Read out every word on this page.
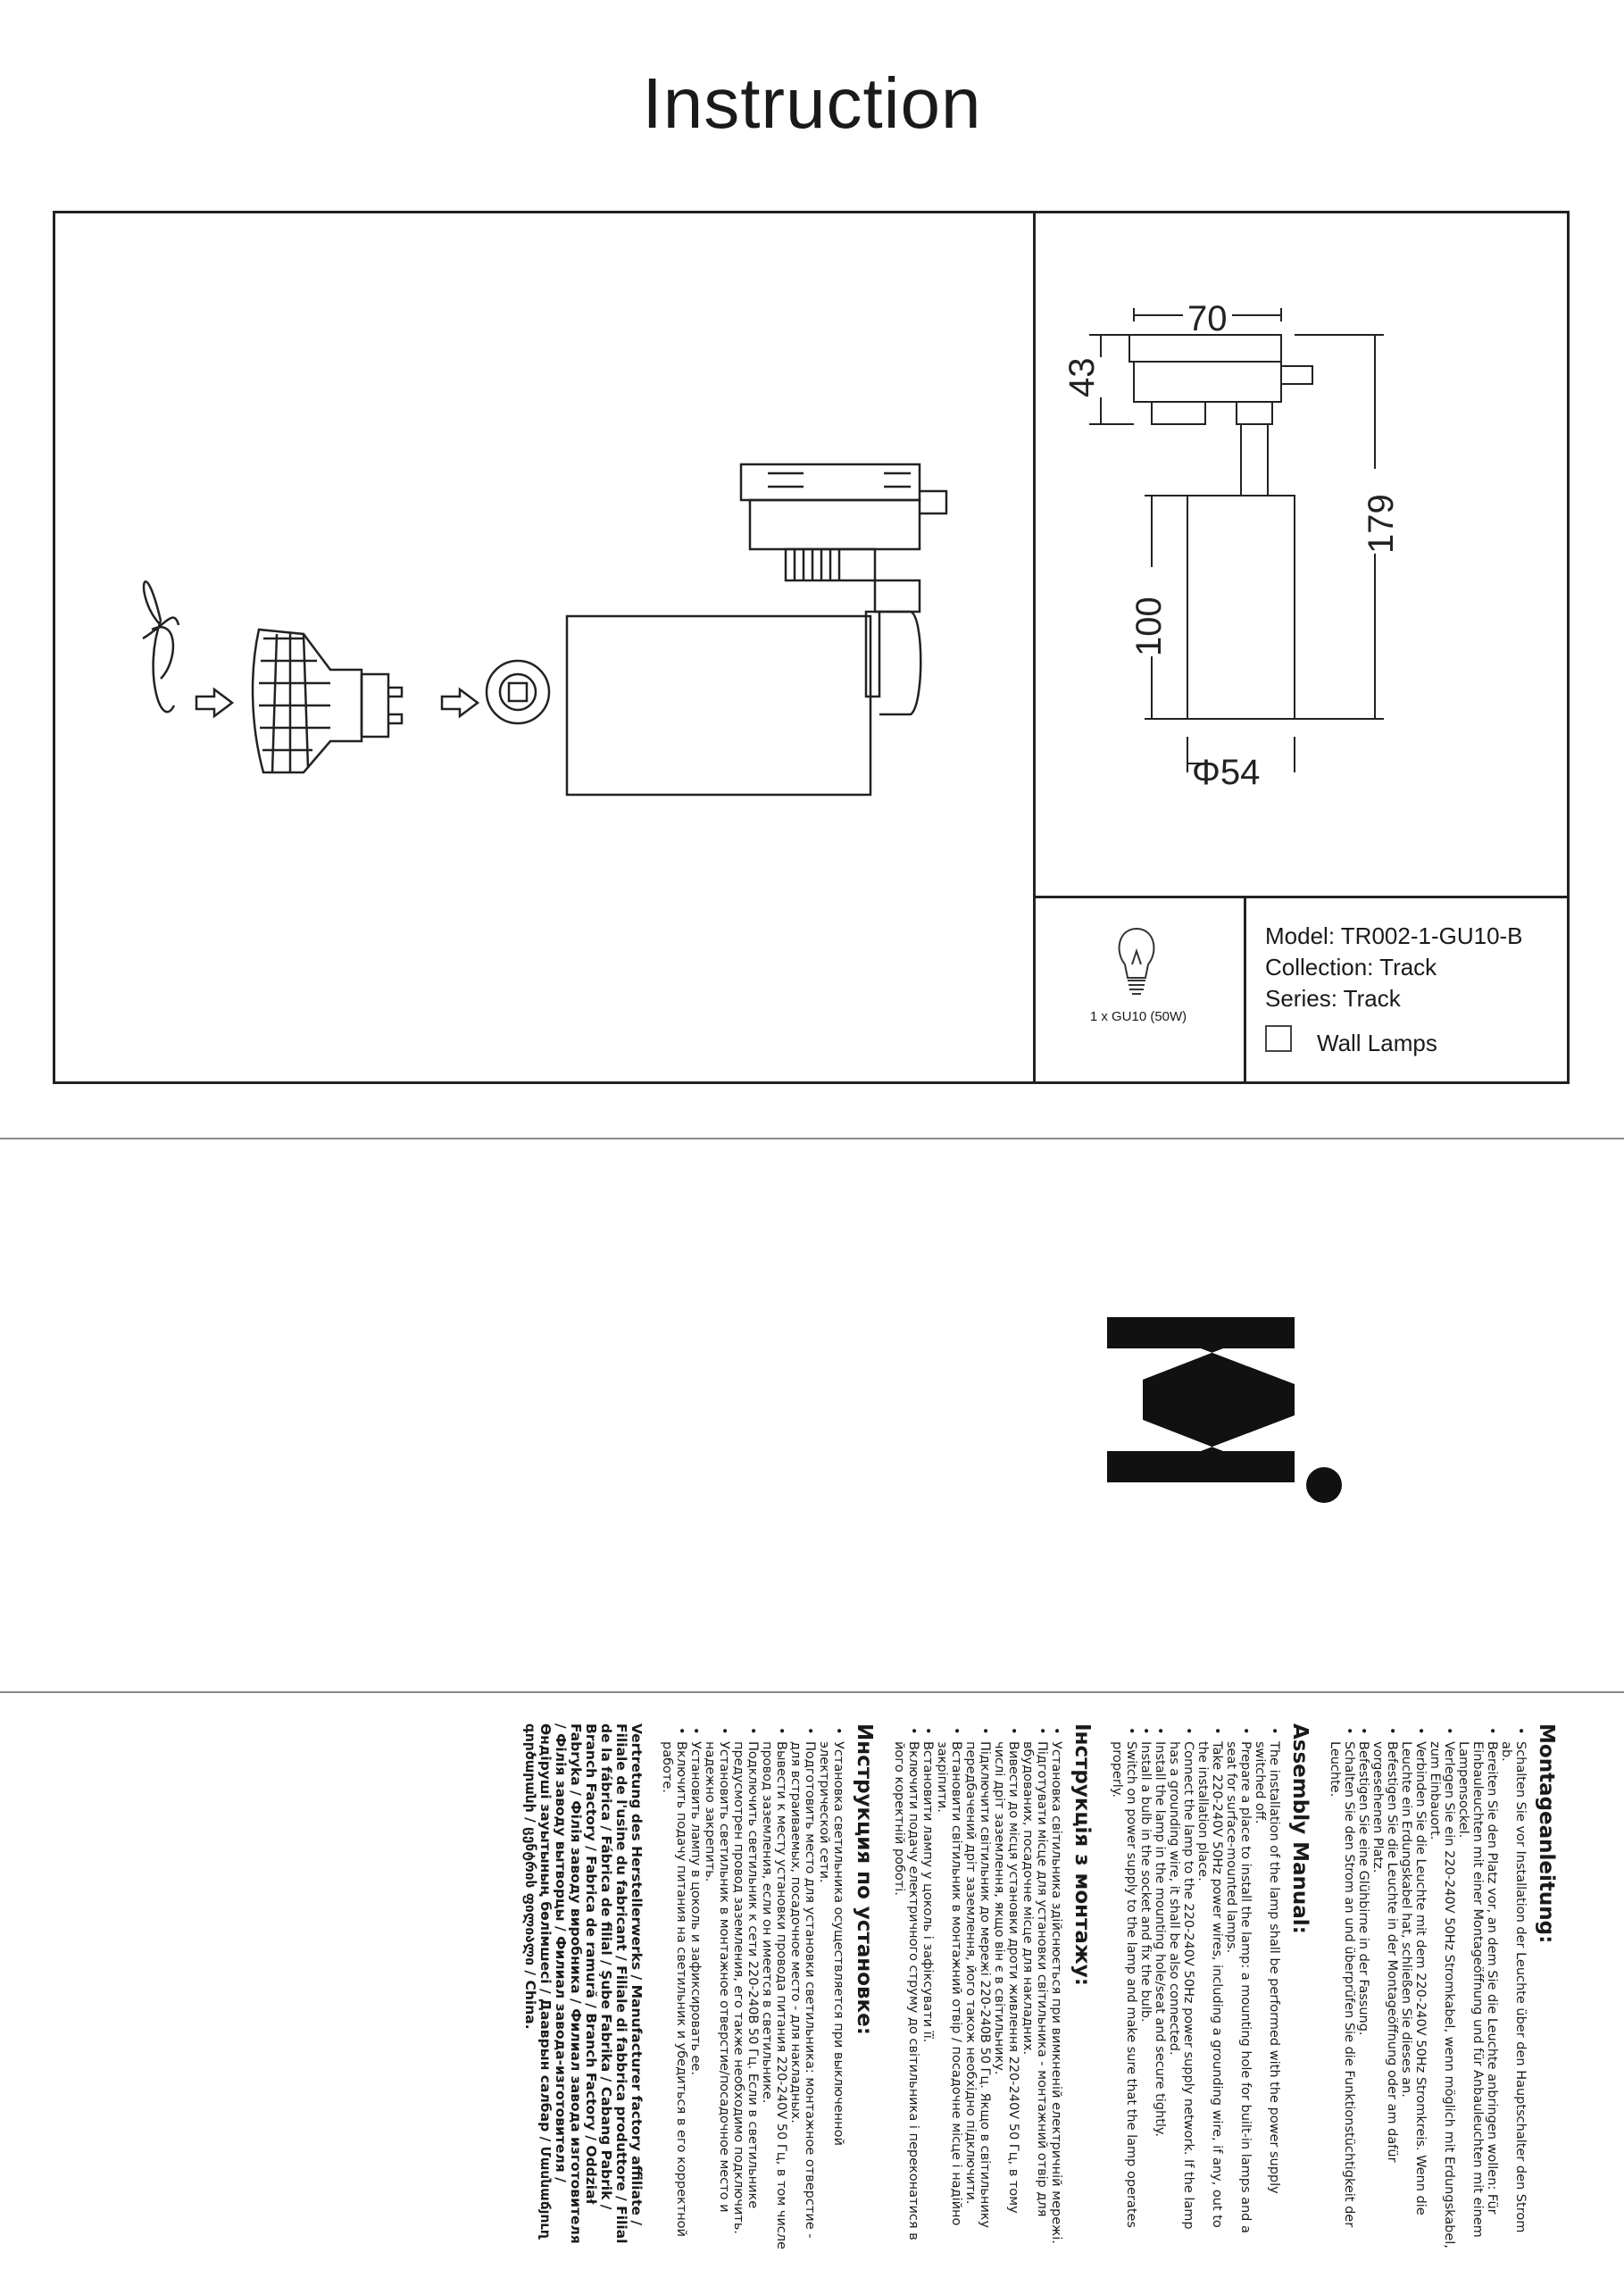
Instruction
70
43
100
179
Φ54
1 x GU10 (50W)
Model: TR002-1-GU10-B
Collection: Track
Series: Track
Wall Lamps
Montageanleitung:
• Schalten Sie vor Installation der Leuchte über den Hauptschalter den Strom ab.
• Bereiten Sie den Platz vor, an dem Sie die Leuchte anbringen wollen: Für Einbauleuchten mit einer Montageöffnung und für Anbauleuchten mit einem Lampensockel.
• Verlegen Sie ein 220-240V 50Hz Stromkabel, wenn möglich mit Erdungskabel, zum Einbauort.
• Verbinden Sie die Leuchte mit dem 220-240V 50Hz Stromkreis. Wenn die Leuchte ein Erdungskabel hat, schließen Sie dieses an.
• Befestigen Sie die Leuchte in der Montageöffnung oder am dafür vorgesehenen Platz.
• Befestigen Sie eine Glühbirne in der Fassung.
• Schalten Sie den Strom an und überprüfen Sie die Funktionstüchtigkeit der Leuchte.
Assembly Manual:
• The installation of the lamp shall be performed with the power supply switched off.
• Prepare a place to install the lamp: a mounting hole for built-in lamps and a seat for surface-mounted lamps.
• Take 220-240V 50Hz power wires, including a grounding wire, if any, out to the installation place.
• Connect the lamp to the 220-240V 50Hz power supply network. If the lamp has a grounding wire, it shall be also connected.
• Install the lamp in the mounting hole/seat and secure tightly.
• Install a bulb in the socket and fix the bulb.
• Switch on power supply to the lamp and make sure that the lamp operates properly.
Інструкція з монтажу:
• Установка світильника здійснюється при вимкненій електричній мережі.
• Підготувати місце для установки світильника - монтажний отвір для вбудованих, посадочне місце для накладних.
• Вивести до місця установки дроти живлення 220-240V 50 Гц, в тому числі дріт заземлення, якщо він є в світильнику.
• Підключити світильник до мережі 220-240В 50 Гц. Якщо в світильнику передбачений дріт заземлення, його також необхідно підключити.
• Встановити світильник в монтажний отвір / посадочне місце і надійно закріпити.
• Встановити лампу у цоколь і зафіксувати її.
• Включити подачу електричного струму до світильника і переконатися в його коректній роботі.
Инструкция по установке:
• Установка светильника осуществляется при выключенной электрической сети.
• Подготовить место для установки светильника: монтажное отверстие - для встраиваемых, посадочное место - для накладных.
• Вывести к месту установки провода питания 220-240V 50 Гц, в том числе провод заземления, если он имеется в светильнике.
• Подключить светильник к сети 220-240В 50 Гц. Если в светильнике предусмотрен провод заземления, его также необходимо подключить.
• Установить светильник в монтажное отверстие/посадочное место и надежно закрепить.
• Установить лампу в цоколь и зафиксировать ее.
• Включить подачу питания на светильник и убедиться в его корректной работе.
Vertretung des Herstellerwerks / Manufacturer factory affiliate / Filiale de l'usine du fabricant / Filiale di fabbrica produttore / Filial de la fábrica / Fábrica de filial / Şube Fabrika / Cabang Pabrik / Branch Factory / Fabrica de ramură / Branch Factory / Oddział Fabryka / Філія заводу виробника / Филиал завода изготовителя / Філія заводу вытворцы / Филиал завода-изготовителя / Өндіруші зауытының бөлімшесі / Дааврын салбар / Մասնաճյուղ գործարանի / ცენტრის ფილიალი / China.
